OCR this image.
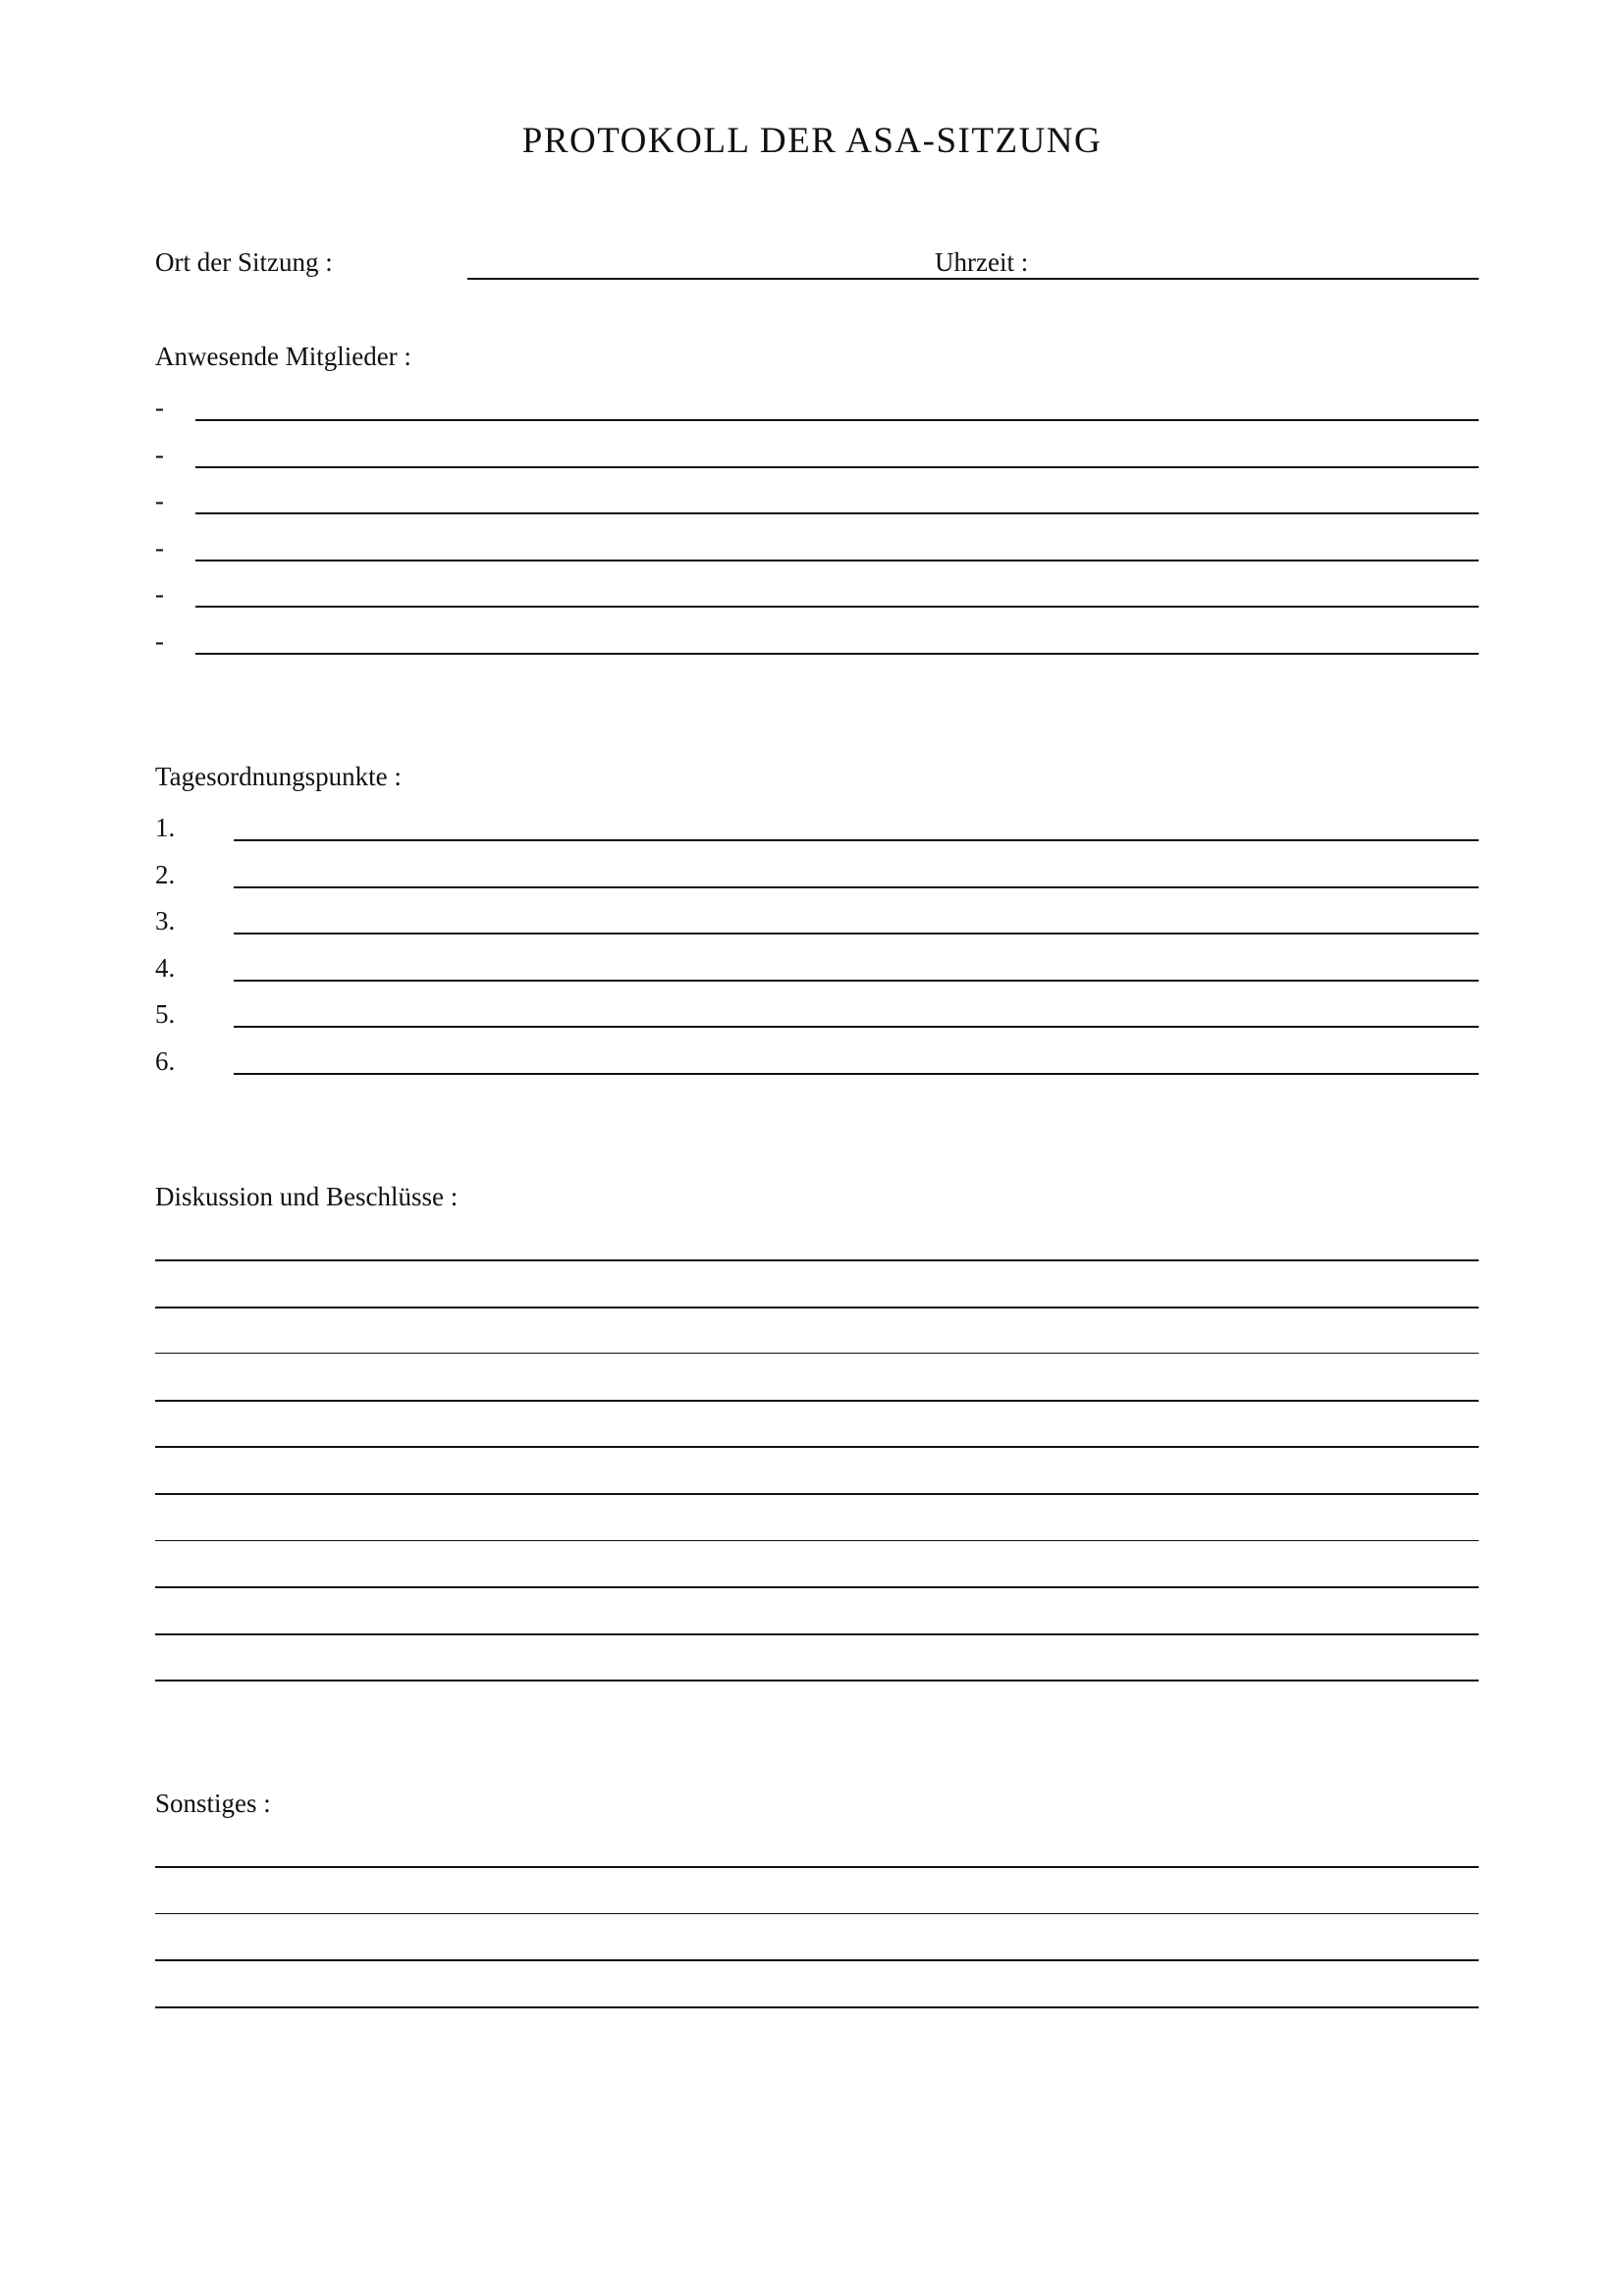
PROTOKOLL DER ASA-SITZUNG
Ort der Sitzung :	Uhrzeit :
Anwesende Mitglieder :
-
-
-
-
-
-
Tagesordnungspunkte :
1.
2.
3.
4.
5.
6.
Diskussion und Beschlüsse :
Sonstiges :
